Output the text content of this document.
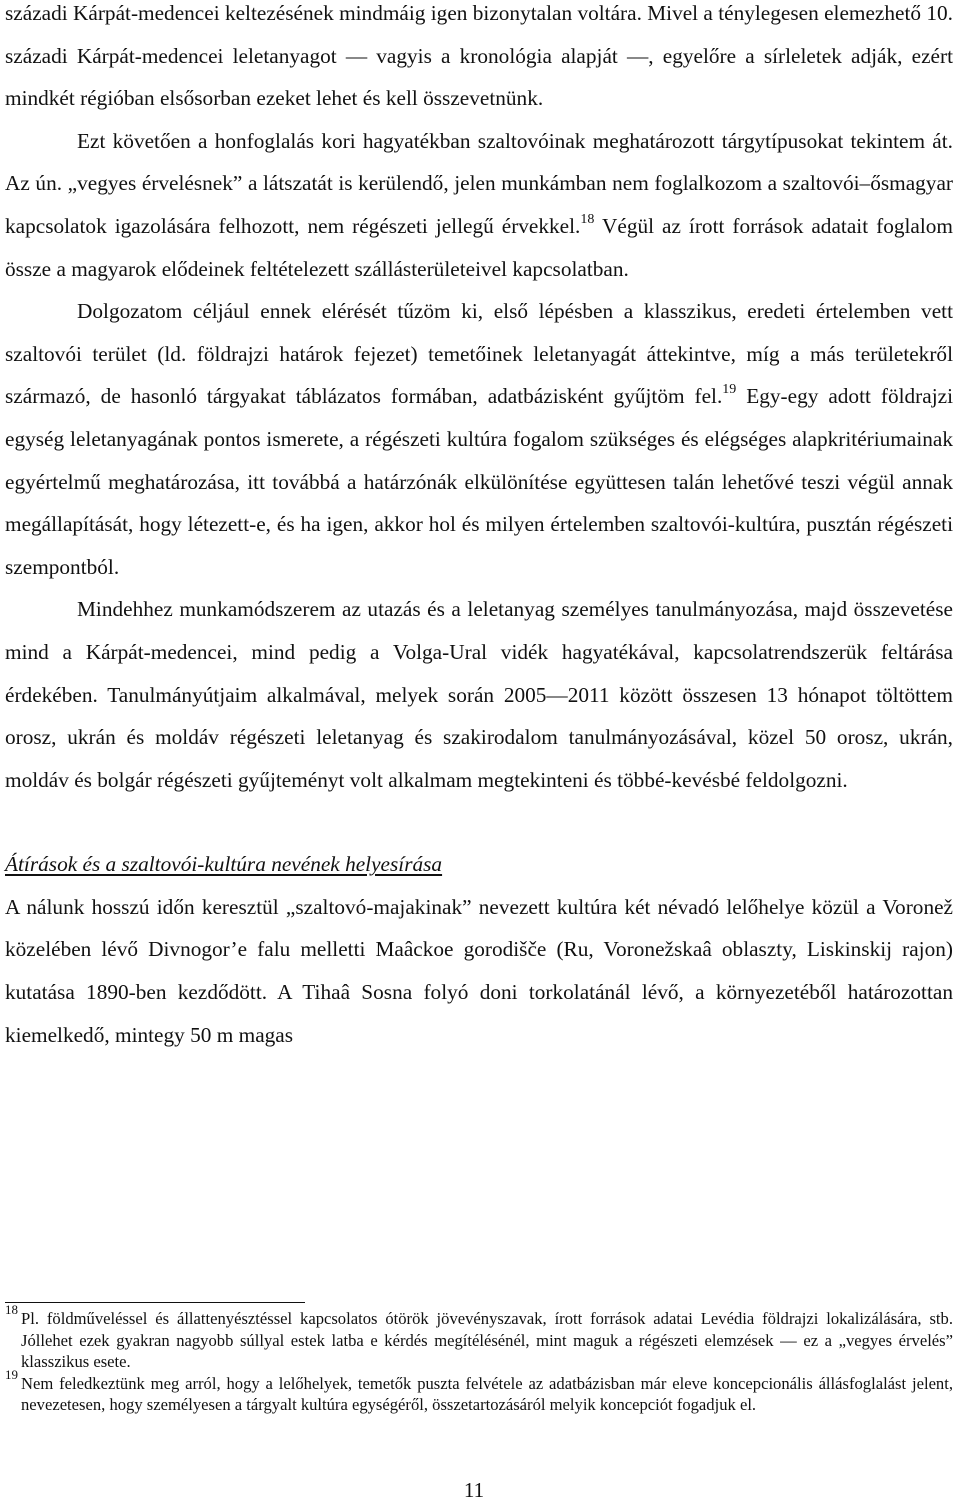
századi Kárpát-medencei keltezésének mindmáig igen bizonytalan voltára. Mivel a ténylegesen elemezhető 10. századi Kárpát-medencei leletanyagot — vagyis a kronológia alapját —, egyelőre a sírleletek adják, ezért mindkét régióban elsősorban ezeket lehet és kell összevetnünk.

Ezt követően a honfoglalás kori hagyatékban szaltovóinak meghatározott tárgytípusokat tekintem át. Az ún. „vegyes érvelésnek” a látszatát is kerülendő, jelen munkámban nem foglalkozom a szaltovói–ősmagyar kapcsolatok igazolására felhozott, nem régészeti jellegű érvekkel.$^{18}$ Végül az írott források adatait foglalom össze a magyarok elődeinek feltételezett szállásterületeivel kapcsolatban.

Dolgozatom céljául ennek elérését tűzöm ki, első lépésben a klasszikus, eredeti értelemben vett szaltovói terület (ld. földrajzi határok fejezet) temetőinek leletanyagát áttekintve, míg a más területekről származó, de hasonló tárgyakat táblázatos formában, adatbázisként gyűjtöm fel.$^{19}$ Egy-egy adott földrajzi egység leletanyagának pontos ismerete, a régészeti kultúra fogalom szükséges és elégséges alapkritériumainak egyértelmű meghatározása, itt továbbá a határzónák elkülönítése együttesen talán lehetővé teszi végül annak megállapítását, hogy létezett-e, és ha igen, akkor hol és milyen értelemben szaltovói-kultúra, pusztán régészeti szempontból.

Mindehhez munkamódszerem az utazás és a leletanyag személyes tanulmányozása, majd összevetése mind a Kárpát-medencei, mind pedig a Volga-Ural vidék hagyatékával, kapcsolatrendszerük feltárása érdekében. Tanulmányútjaim alkalmával, melyek során 2005—2011 között összesen 13 hónapot töltöttem orosz, ukrán és moldáv régészeti leletanyag és szakirodalom tanulmányozásával, közel 50 orosz, ukrán, moldáv és bolgár régészeti gyűjteményt volt alkalmam megtekinteni és többé-kevésbé feldolgozni.

Átírások és a szaltovói-kultúra nevének helyesírása

A nálunk hosszú időn keresztül „szaltovó-majakinak” nevezett kultúra két névadó lelőhelye közül a Voronež közelében lévő Divnogor’e falu melletti Maâckoe gorodišče (Ru, Voronežskaâ oblaszty, Liskinskij rajon) kutatása 1890-ben kezdődött. A Tihaâ Sosna folyó doni torkolatánál lévő, a környezetéből határozottan kiemelkedő, mintegy 50 m magas

18 Pl. földműveléssel és állattenyésztéssel kapcsolatos ótörök jövevényszavak, írott források adatai Levédia földrajzi lokalizálására, stb. Jóllehet ezek gyakran nagyobb súllyal estek latba e kérdés megítélésénél, mint maguk a régészeti elemzések — ez a „vegyes érvelés” klasszikus esete.
19 Nem feledkeztünk meg arról, hogy a lelőhelyek, temetők puszta felvétele az adatbázisban már eleve koncepcionális állásfoglalást jelent, nevezetesen, hogy személyesen a tárgyalt kultúra egységéről, összetartozásáról melyik koncepciót fogadjuk el.
11
